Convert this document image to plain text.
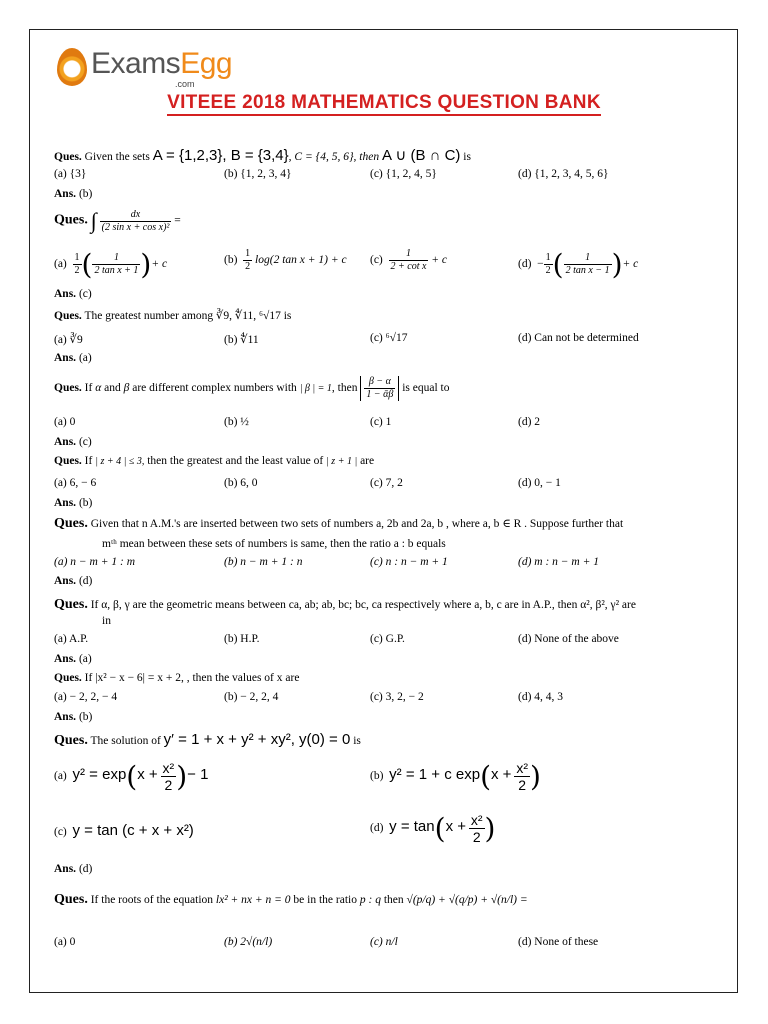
ExamsEgg
.com
VITEEE 2018 MATHEMATICS QUESTION BANK
Ques. Given the sets A = {1,2,3}, B = {3,4}, C = {4, 5, 6}, then A ∪ (B ∩ C) is
(a) {3}	(b) {1, 2, 3, 4}	(c) {1, 2, 4, 5}	(d) {1, 2, 3, 4, 5, 6}
Ans. (b)
Ques. ∫ $\frac{dx}{\text{(2 sin x + cos x)²}}$ =
$(a) \frac{1}{2}$ ( $\frac{1}{\text{2 tan x + 1}}$ )+ c	$(b) \frac{1}{2} \log(2$ tan x + 1) + c $(c) \frac{1}{\text{2 + cot x}} + c$	$(d) - \frac{1}{2}$ ( $\frac{1}{\text{2 tan x − 1}}$ )+ c
Ans. (c)
Ques. The greatest number among ∛9, ∜11, ⁶√17 is
(a) ∛9	(b) ∜11	(c) ⁶√17	(d) Can not be determined
Ans. (a)
Ques. If α and β are different complex numbers with | β | = 1, then $\frac{\beta - \alpha}{\text{1 − ᾱβ}}$ is equal to
(a) 0	(b) ½	(c) 1	(d) 2
Ans. (c)
Ques. If | z + 4 | ≤ 3, then the greatest and the least value of | z + 1 | are
(a) 6, − 6	(b) 6, 0	(c) 7, 2	(d) 0, − 1
Ans. (b)
Ques. Given that n A.M.'s are inserted between two sets of numbers a, 2b and 2a, b , where a, b ∈ R . Suppose further that
mᵗʰ mean between these sets of numbers is same, then the ratio a : b equals
(a) n − m + 1 : m	(b) n − m + 1 : n	(c) n : n − m + 1	(d) m : n − m + 1
Ans. (d)
Ques. If α, β, γ are the geometric means between ca, ab; ab, bc; bc, ca respectively where a, b, c are in A.P., then α², β², γ² are
in
(a) A.P.	(b) H.P.	(c) G.P.	(d) None of the above
Ans. (a)
Ques. If |x² − x − 6| = x + 2, , then the values of x are
(a) − 2, 2, − 4	(b) − 2, 2, 4	(c) 3, 2, − 2	(d) 4, 4, 3
Ans. (b)
Ques. The solution of y′ = 1 + x + y² + xy², y(0) = 0 is
(a) $y^2 = \exp(x + \frac{\text{x²}}{2}$ )− 1	(b) y² = 1 + c $\exp(x + \frac{\text{x²}}{2}$ )
(c) y = tan (c + x + x²)	(d) $y = \tan(x + \frac{\text{x²}}{2}$ )
Ans. (d)
Ques. If the roots of the equation lx² + nx + n = 0 be in the ratio p : q then √(p/q) + √(q/p) + √(n/l) =
(a) 0	(b) 2√(n/l)	(c) n/l	(d) None of these
